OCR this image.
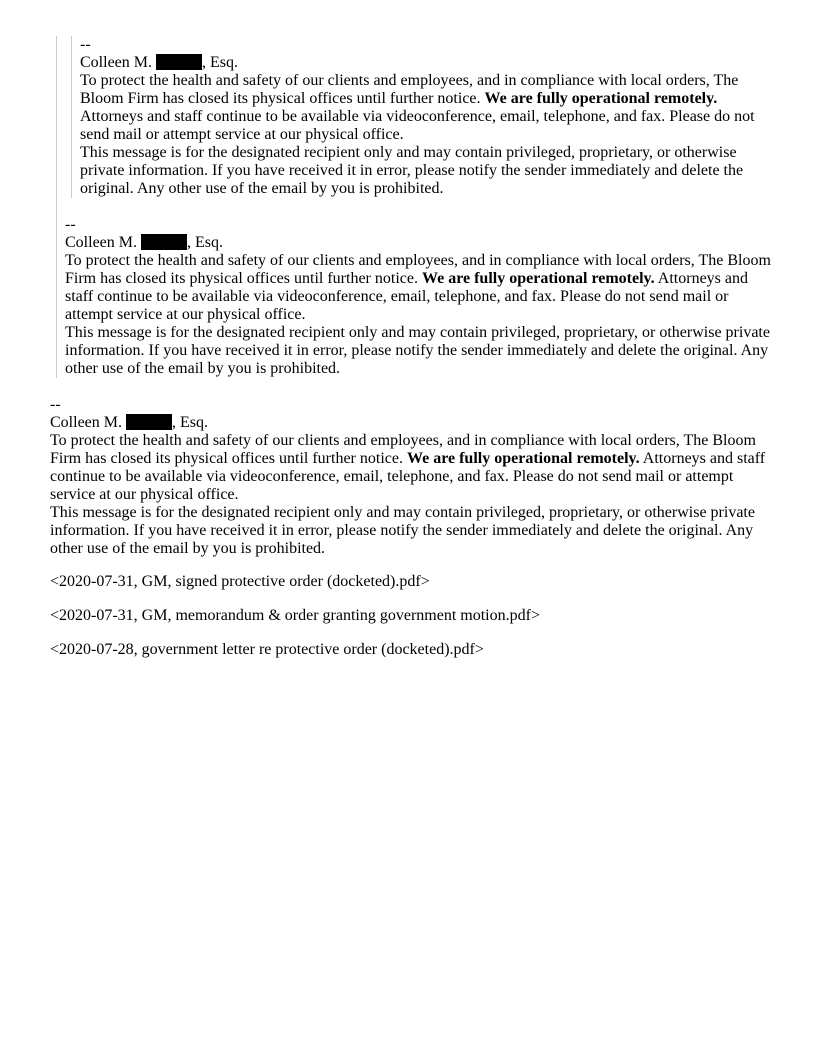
--
Colleen M.	, Esq.
To protect the health and safety of our clients and employees, and in compliance with local orders, The Bloom Firm has closed its physical offices until further notice. We are fully operational remotely. Attorneys and staff continue to be available via videoconference, email, telephone, and fax. Please do not send mail or attempt service at our physical office.
This message is for the designated recipient only and may contain privileged, proprietary, or otherwise private information. If you have received it in error, please notify the sender immediately and delete the original. Any other use of the email by you is prohibited.
--
Colleen M.	, Esq.
To protect the health and safety of our clients and employees, and in compliance with local orders, The Bloom Firm has closed its physical offices until further notice. We are fully operational remotely. Attorneys and staff continue to be available via videoconference, email, telephone, and fax. Please do not send mail or attempt service at our physical office.
This message is for the designated recipient only and may contain privileged, proprietary, or otherwise private information. If you have received it in error, please notify the sender immediately and delete the original. Any other use of the email by you is prohibited.
--
Colleen M.	, Esq.
To protect the health and safety of our clients and employees, and in compliance with local orders, The Bloom Firm has closed its physical offices until further notice. We are fully operational remotely. Attorneys and staff continue to be available via videoconference, email, telephone, and fax. Please do not send mail or attempt service at our physical office.
This message is for the designated recipient only and may contain privileged, proprietary, or otherwise private information. If you have received it in error, please notify the sender immediately and delete the original. Any other use of the email by you is prohibited.

<2020-07-31, GM, signed protective order (docketed).pdf>

<2020-07-31, GM, memorandum & order granting government motion.pdf>

<2020-07-28, government letter re protective order (docketed).pdf>
